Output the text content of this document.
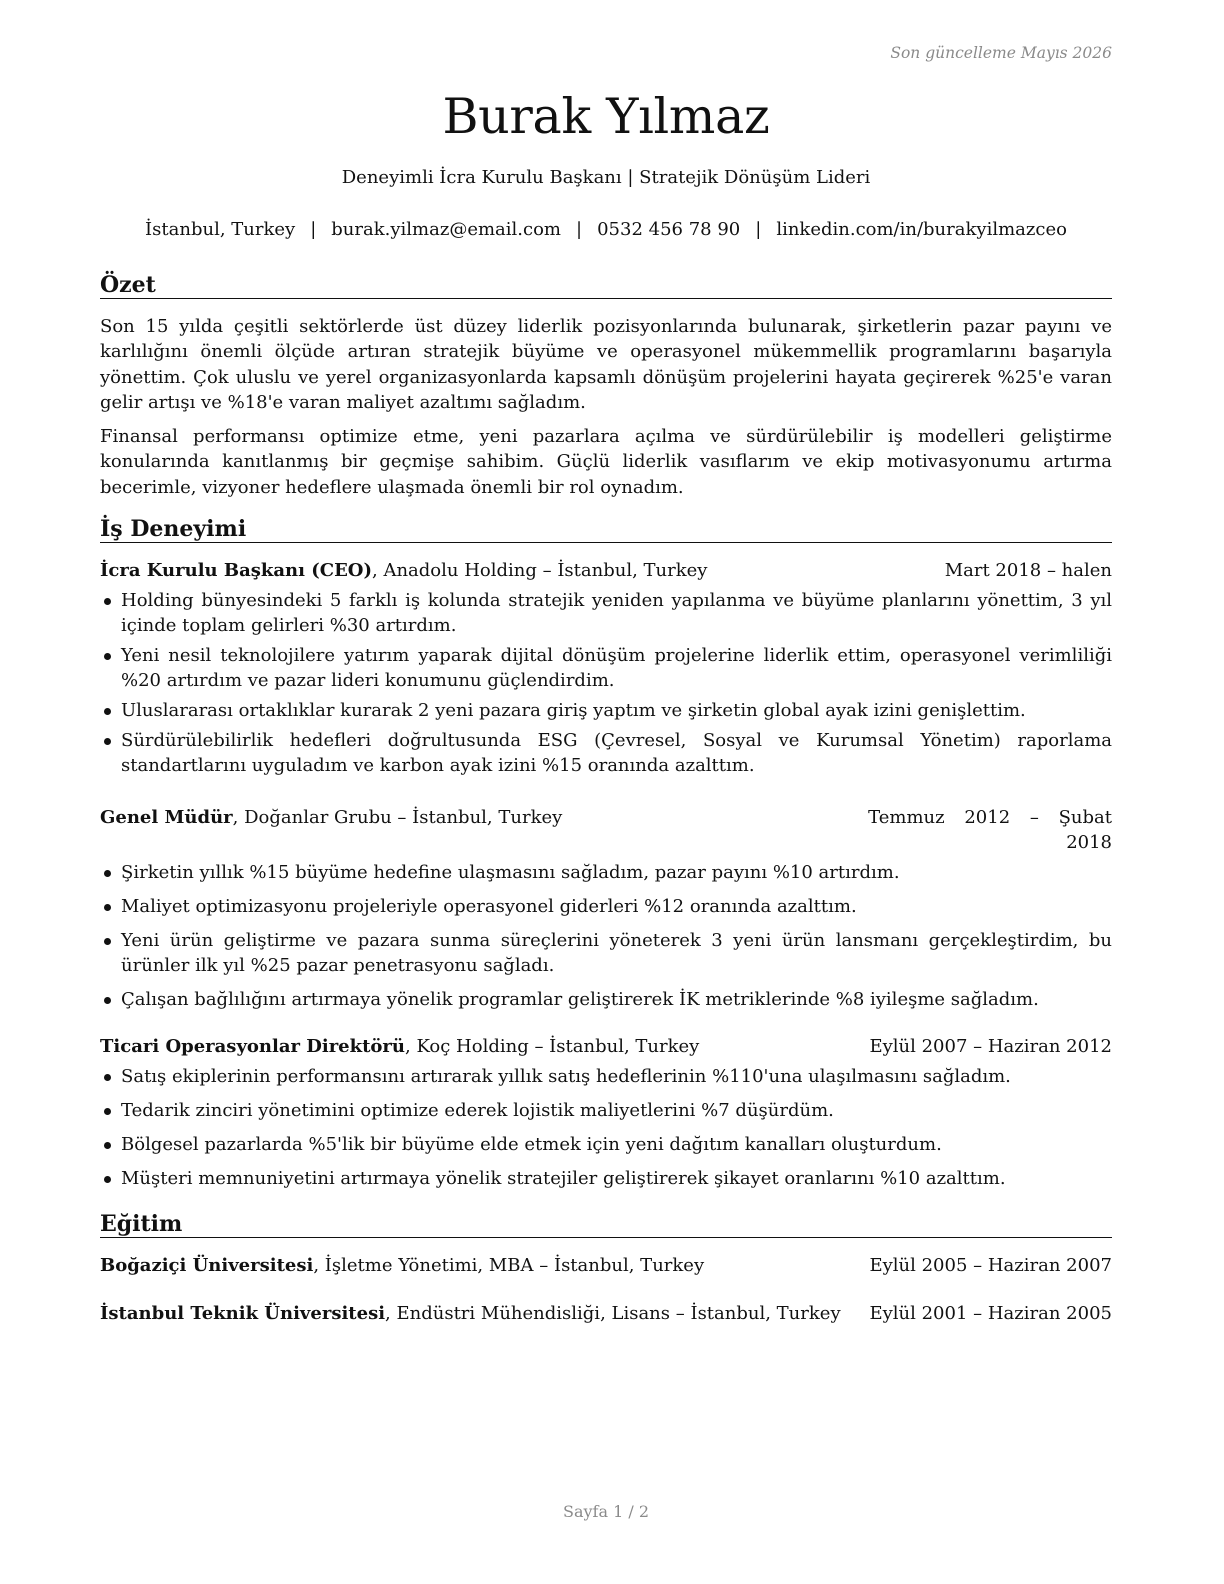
Son güncelleme Mayıs 2026
Burak Yılmaz
Deneyimli İcra Kurulu Başkanı | Stratejik Dönüşüm Lideri
İstanbul, Turkey | burak.yilmaz@email.com | 0532 456 78 90 | linkedin.com/in/burakyilmazceo
Özet

Son 15 yılda çeşitli sektörlerde üst düzey liderlik pozisyonlarında bulunarak, şirketlerin pazar payını ve karlılığını önemli ölçüde artıran stratejik büyüme ve operasyonel mükemmellik programlarını başarıyla yönettim. Çok uluslu ve yerel organizasyonlarda kapsamlı dönüşüm projelerini hayata geçirerek %25'e varan gelir artışı ve %18'e varan maliyet azaltımı sağladım.

Finansal performansı optimize etme, yeni pazarlara açılma ve sürdürülebilir iş modelleri geliştirme konularında kanıtlanmış bir geçmişe sahibim. Güçlü liderlik vasıflarım ve ekip motivasyonumu artırma becerimle, vizyoner hedeflere ulaşmada önemli bir rol oynadım.

İş Deneyimi
İcra Kurulu Başkanı (CEO), Anadolu Holding – İstanbul, Turkey	Mart 2018 – halen
Holding bünyesindeki 5 farklı iş kolunda stratejik yeniden yapılanma ve büyüme planlarını yönettim, 3 yıl içinde toplam gelirleri %30 artırdım.
Yeni nesil teknolojilere yatırım yaparak dijital dönüşüm projelerine liderlik ettim, operasyonel verimliliği %20 artırdım ve pazar lideri konumunu güçlendirdim.
Uluslararası ortaklıklar kurarak 2 yeni pazara giriş yaptım ve şirketin global ayak izini genişlettim.
Sürdürülebilirlik hedefleri doğrultusunda ESG (Çevresel, Sosyal ve Kurumsal Yönetim) raporlama standartlarını uyguladım ve karbon ayak izini %15 oranında azalttım.
Genel Müdür, Doğanlar Grubu – İstanbul, Turkey	Temmuz 2012 – Şubat
2018
Şirketin yıllık %15 büyüme hedefine ulaşmasını sağladım, pazar payını %10 artırdım.
Maliyet optimizasyonu projeleriyle operasyonel giderleri %12 oranında azalttım.
Yeni ürün geliştirme ve pazara sunma süreçlerini yöneterek 3 yeni ürün lansmanı gerçekleştirdim, bu ürünler ilk yıl %25 pazar penetrasyonu sağladı.
Çalışan bağlılığını artırmaya yönelik programlar geliştirerek İK metriklerinde %8 iyileşme sağladım.
Ticari Operasyonlar Direktörü, Koç Holding – İstanbul, Turkey	Eylül 2007 – Haziran 2012
Satış ekiplerinin performansını artırarak yıllık satış hedeflerinin %110'una ulaşılmasını sağladım.
Tedarik zinciri yönetimini optimize ederek lojistik maliyetlerini %7 düşürdüm.
Bölgesel pazarlarda %5'lik bir büyüme elde etmek için yeni dağıtım kanalları oluşturdum.
Müşteri memnuniyetini artırmaya yönelik stratejiler geliştirerek şikayet oranlarını %10 azalttım.
Eğitim
Boğaziçi Üniversitesi, İşletme Yönetimi, MBA – İstanbul, Turkey	Eylül 2005 – Haziran 2007
İstanbul Teknik Üniversitesi, Endüstri Mühendisliği, Lisans – İstanbul, Turkey Eylül 2001 – Haziran 2005
Sayfa 1 / 2
